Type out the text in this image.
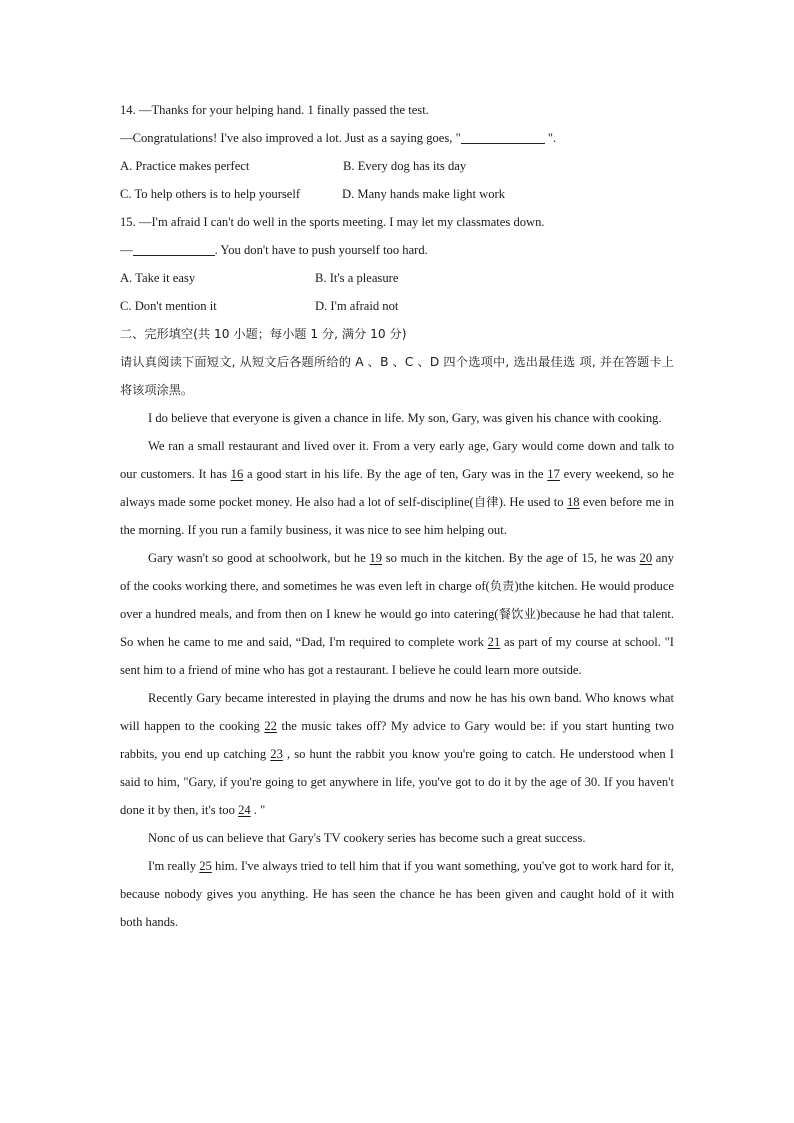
14. —Thanks for your helping hand. 1 finally passed the test.
—Congratulations! I've also improved a lot. Just as a saying goes, "	".
A. Practice makes perfect	B. Every dog has its day
C. To help others is to help yourself	D. Many hands make light work
15. —I'm afraid I can't do well in the sports meeting. I may let my classmates down.
—	. You don't have to push yourself too hard.
A. Take it easy	B. It's a pleasure
C. Don't mention it	D. I'm afraid not
二、完形填空(共 10 小题；每小题 1 分, 满分 10 分)
请认真阅读下面短文, 从短文后各题所给的 A 、B 、C 、D 四个选项中, 选出最佳选 项, 并在答题卡上将该项涂黑。

I do believe that everyone is given a chance in life. My son, Gary, was given his chance with cooking.

We ran a small restaurant and lived over it. From a very early age, Gary would come down and talk to our customers. It has 16 a good start in his life. By the age of ten, Gary was in the 17 every weekend, so he always made some pocket money. He also had a lot of self-discipline(自律). He used to 18 even before me in the morning. If you run a family business, it was nice to see him helping out.

Gary wasn't so good at schoolwork, but he 19 so much in the kitchen. By the age of 15, he was 20 any of the cooks working there, and sometimes he was even left in charge of(负责)the kitchen. He would produce over a hundred meals, and from then on I knew he would go into catering(餐饮业)because he had that talent. So when he came to me and said, “Dad, I'm required to complete work 21 as part of my course at school. "I sent him to a friend of mine who has got a restaurant. I believe he could learn more outside.

Recently Gary became interested in playing the drums and now he has his own band. Who knows what will happen to the cooking 22 the music takes off? My advice to Gary would be: if you start hunting two rabbits, you end up catching 23 , so hunt the rabbit you know you're going to catch. He understood when I said to him, "Gary, if you're going to get anywhere in life, you've got to do it by the age of 30. If you haven't done it by then, it's too 24 . "

Nonc of us can believe that Gary's TV cookery series has become such a great success.

I'm really 25 him. I've always tried to tell him that if you want something, you've got to work hard for it, because nobody gives you anything. He has seen the chance he has been given and caught hold of it with both hands.
